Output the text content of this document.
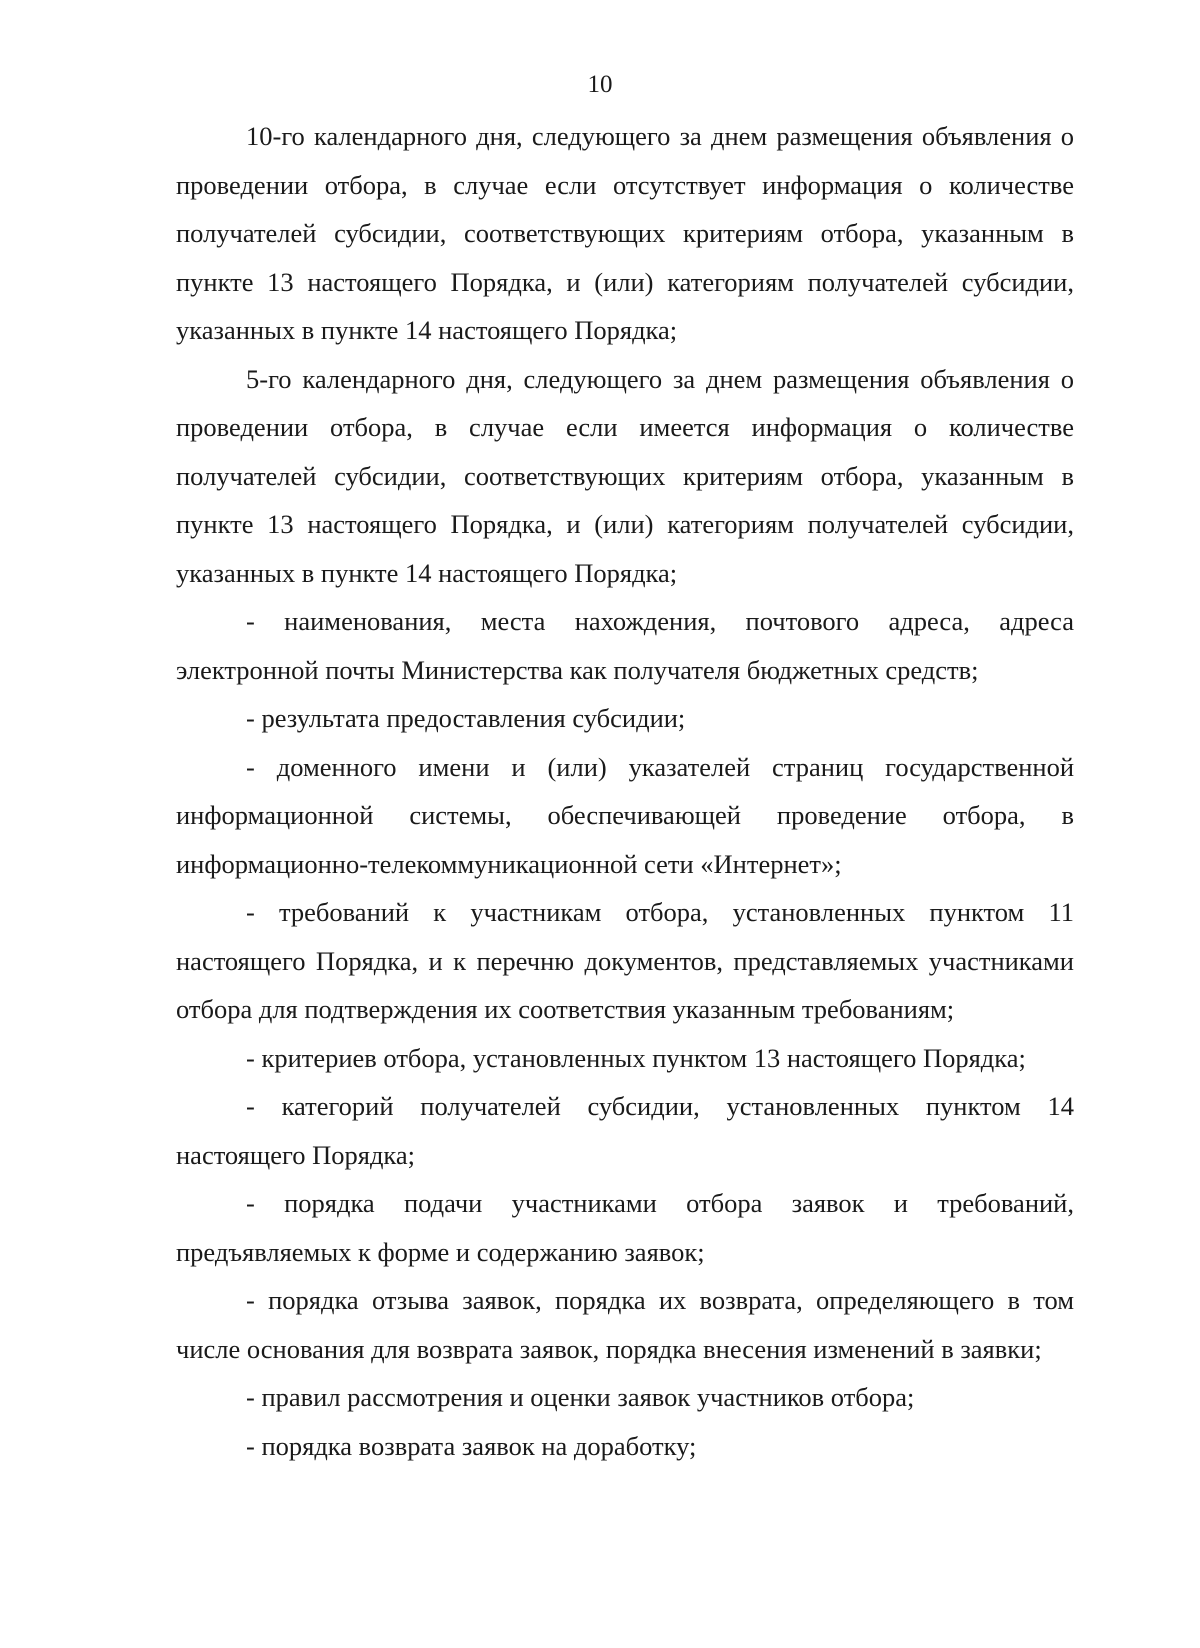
10

10-го календарного дня, следующего за днем размещения объявления о проведении отбора, в случае если отсутствует информация о количестве получателей субсидии, соответствующих критериям отбора, указанным в пункте 13 настоящего Порядка, и (или) категориям получателей субсидии, указанных в пункте 14 настоящего Порядка;

5-го календарного дня, следующего за днем размещения объявления о проведении отбора, в случае если имеется информация о количестве получателей субсидии, соответствующих критериям отбора, указанным в пункте 13 настоящего Порядка, и (или) категориям получателей субсидии, указанных в пункте 14 настоящего Порядка;

- наименования, места нахождения, почтового адреса, адреса электронной почты Министерства как получателя бюджетных средств;

- результата предоставления субсидии;

- доменного имени и (или) указателей страниц государственной информационной системы, обеспечивающей проведение отбора, в информационно-телекоммуникационной сети «Интернет»;

- требований к участникам отбора, установленных пунктом 11 настоящего Порядка, и к перечню документов, представляемых участниками отбора для подтверждения их соответствия указанным требованиям;

- критериев отбора, установленных пунктом 13 настоящего Порядка;

- категорий получателей субсидии, установленных пунктом 14 настоящего Порядка;

- порядка подачи участниками отбора заявок и требований, предъявляемых к форме и содержанию заявок;

- порядка отзыва заявок, порядка их возврата, определяющего в том числе основания для возврата заявок, порядка внесения изменений в заявки;

- правил рассмотрения и оценки заявок участников отбора;

- порядка возврата заявок на доработку;
